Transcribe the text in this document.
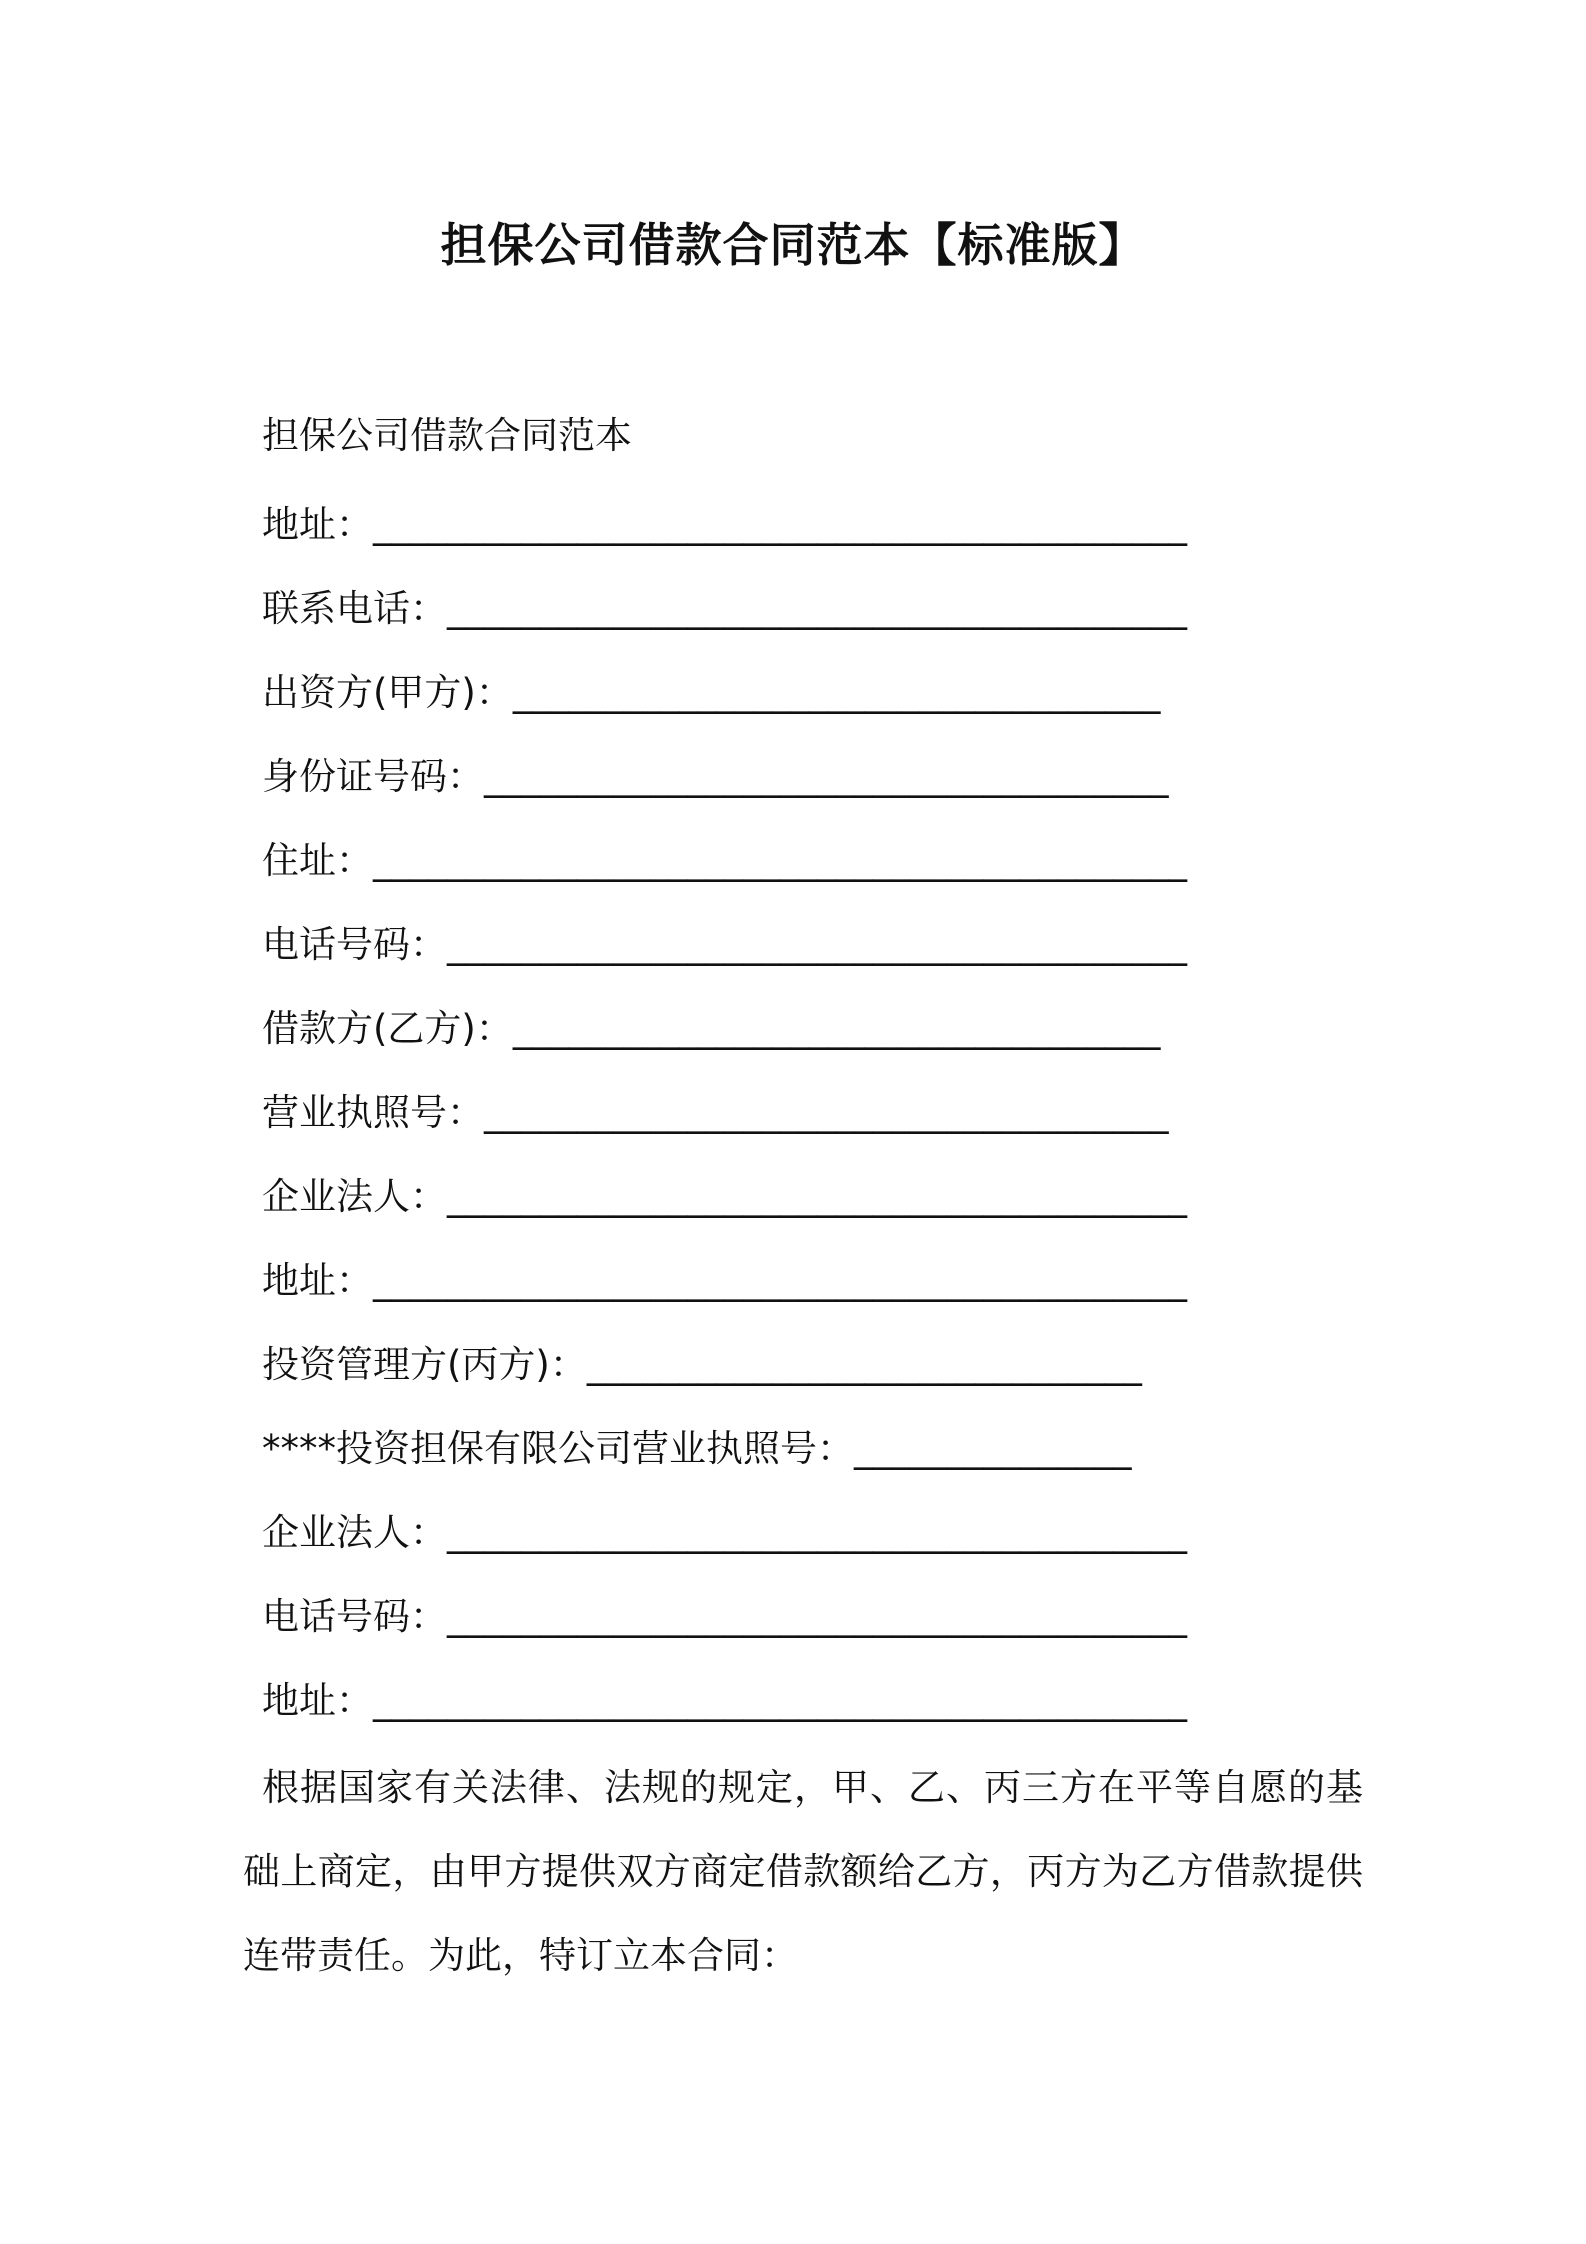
担保公司借款合同范本【标准版】
担保公司借款合同范本
地址：____________________________________________
联系电话：________________________________________
出资方(甲方)：___________________________________
身份证号码：_____________________________________
住址：____________________________________________
电话号码：________________________________________
借款方(乙方)：___________________________________
营业执照号：_____________________________________
企业法人：________________________________________
地址：____________________________________________
投资管理方(丙方)：______________________________
****投资担保有限公司营业执照号：_______________
企业法人：________________________________________
电话号码：________________________________________
地址：____________________________________________
根据国家有关法律、法规的规定，甲、乙、丙三方在平等自愿的基础上商定，由甲方提供双方商定借款额给乙方，丙方为乙方借款提供连带责任。为此，特订立本合同：
